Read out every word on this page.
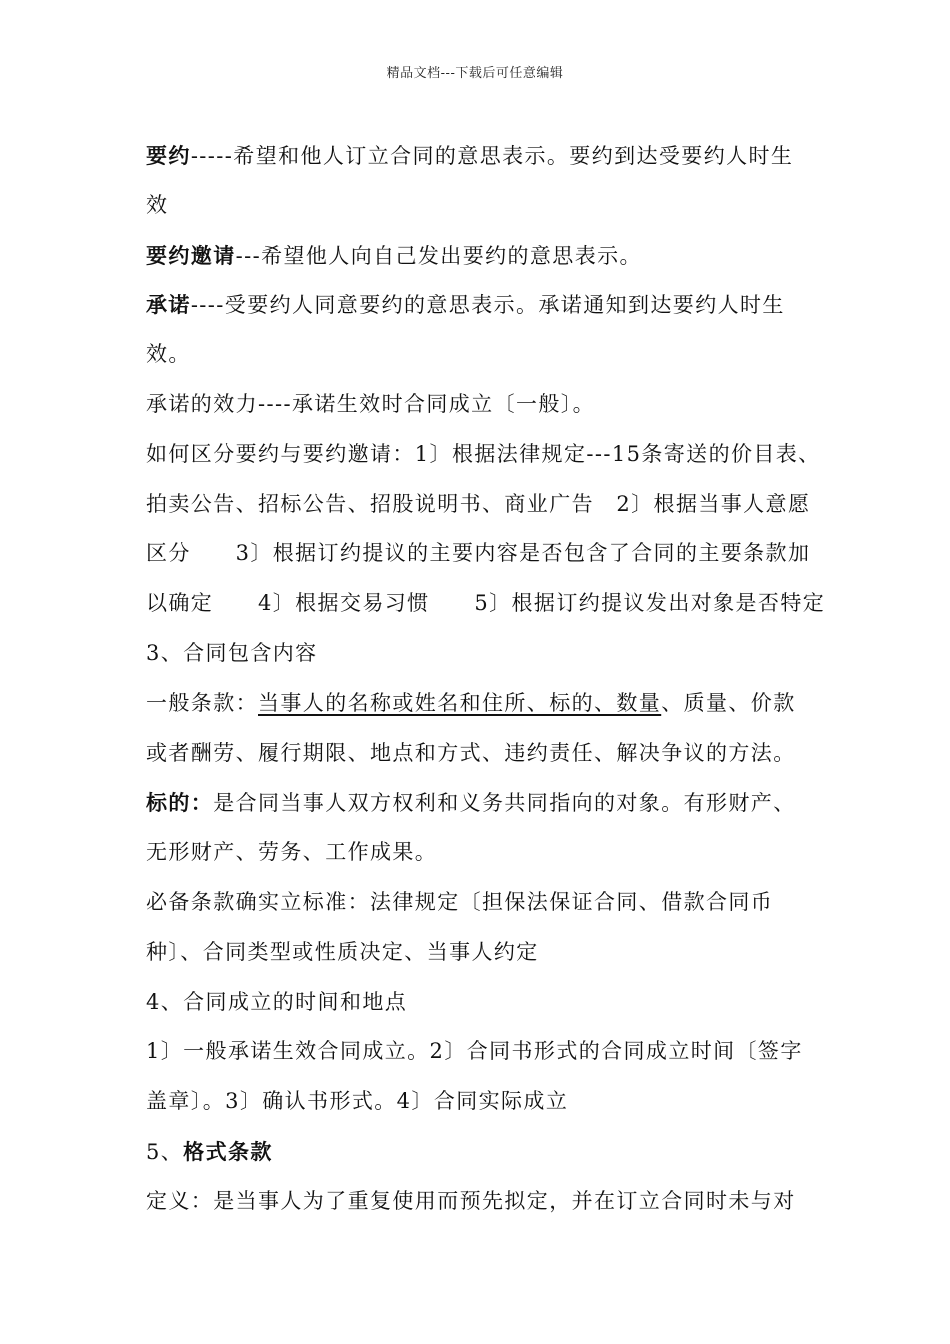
精品文档---下载后可任意编辑
要约-----希望和他人订立合同的意思表示。要约到达受要约人时生
效
要约邀请---希望他人向自己发出要约的意思表示。
承诺----受要约人同意要约的意思表示。承诺通知到达要约人时生
效。
承诺的效力----承诺生效时合同成立〔一般〕。
如何区分要约与要约邀请：1〕根据法律规定---15条寄送的价目表、
拍卖公告、招标公告、招股说明书、商业广告　2〕根据当事人意愿
区分　　3〕根据订约提议的主要内容是否包含了合同的主要条款加
以确定　　4〕根据交易习惯　　5〕根据订约提议发出对象是否特定
3、合同包含内容
一般条款：当事人的名称或姓名和住所、标的、数量、质量、价款
或者酬劳、履行期限、地点和方式、违约责任、解决争议的方法。
标的：是合同当事人双方权利和义务共同指向的对象。有形财产、
无形财产、劳务、工作成果。
必备条款确实立标准：法律规定〔担保法保证合同、借款合同币
种〕、合同类型或性质决定、当事人约定
4、合同成立的时间和地点
1〕一般承诺生效合同成立。2〕合同书形式的合同成立时间〔签字
盖章〕。3〕确认书形式。4〕合同实际成立
5、格式条款
定义：是当事人为了重复使用而预先拟定，并在订立合同时未与对
